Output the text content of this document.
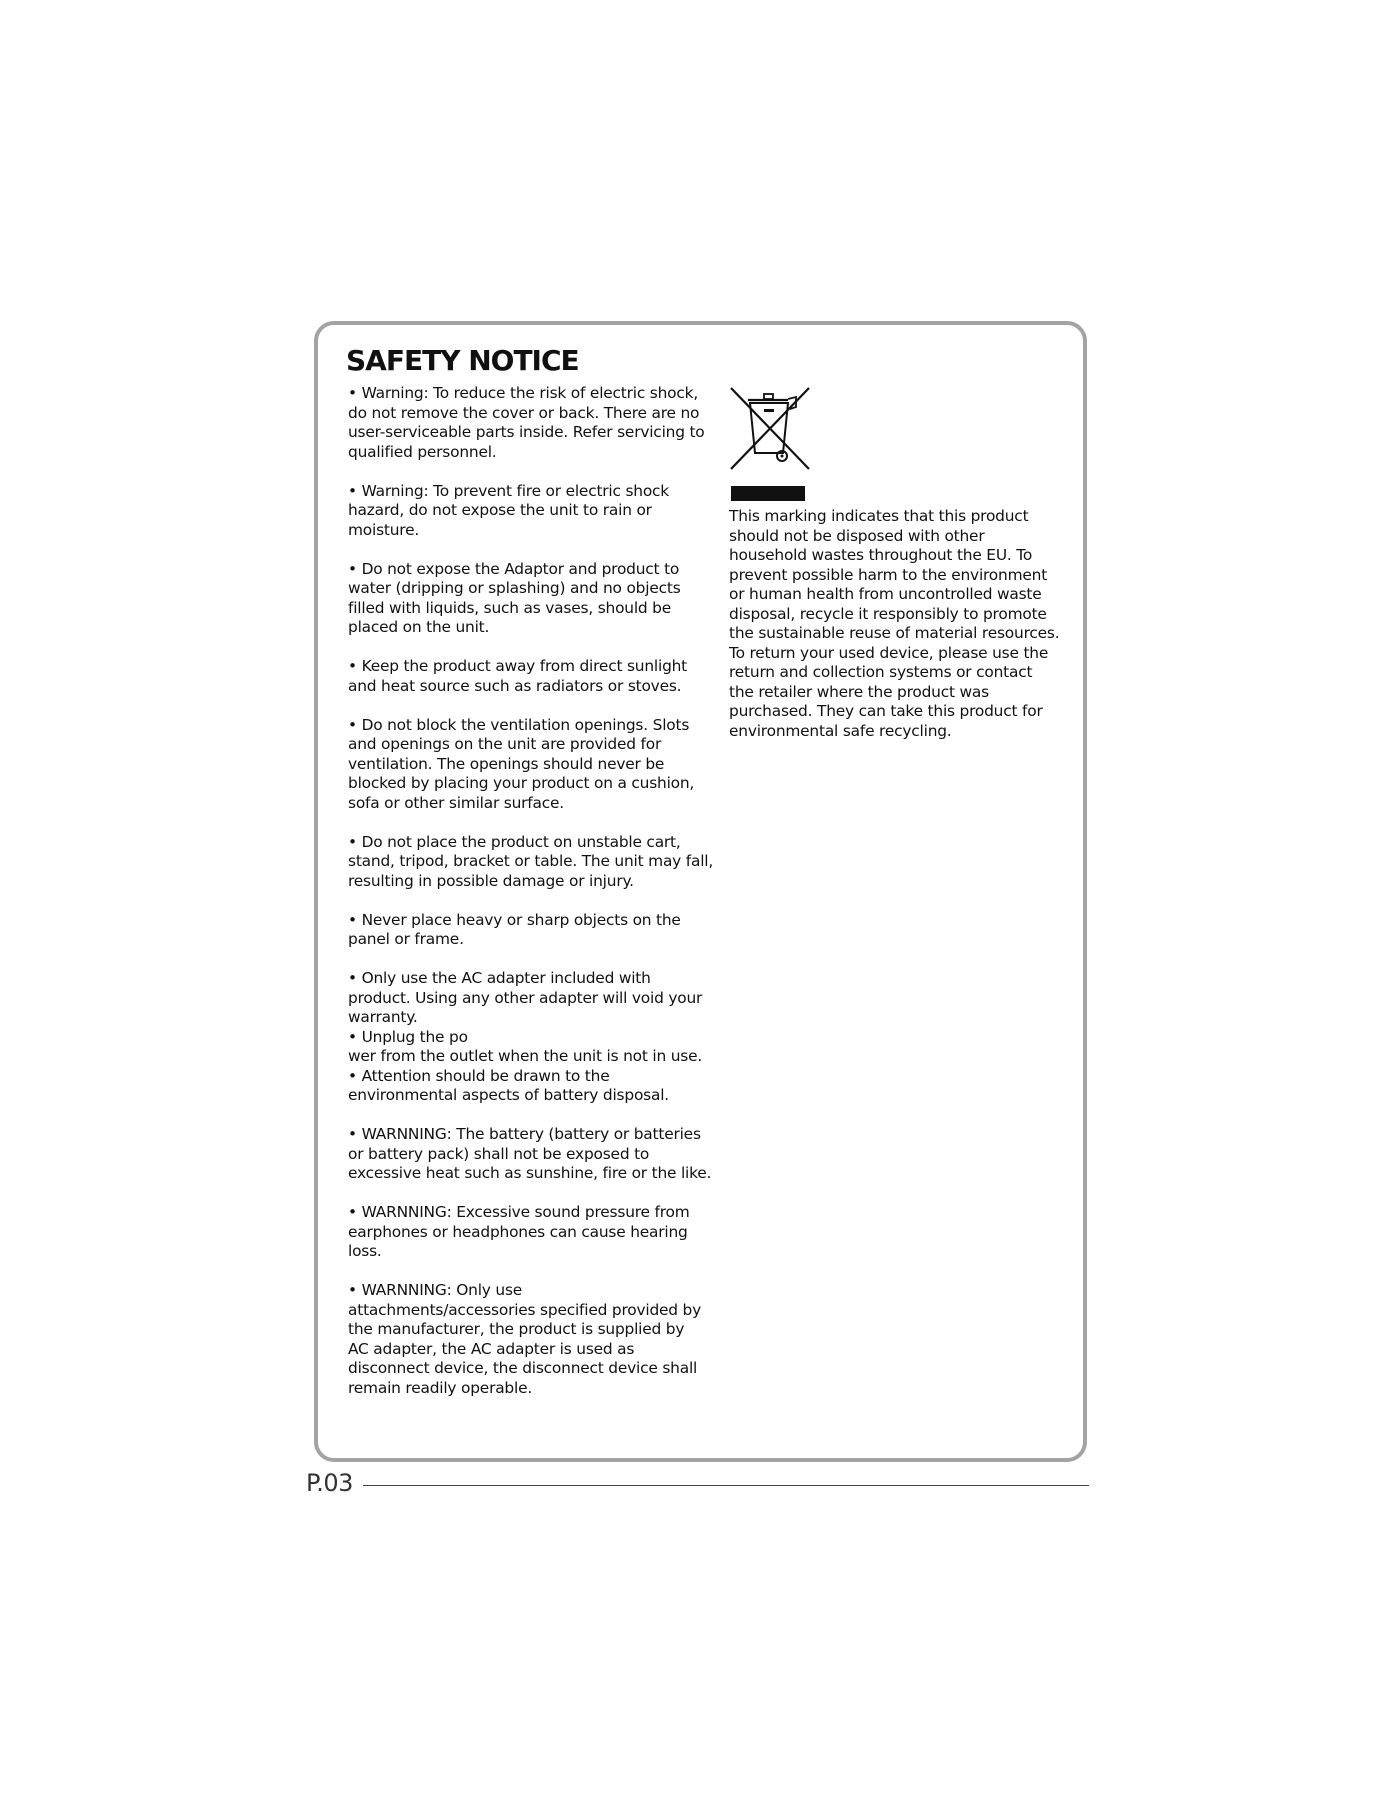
SAFETY NOTICE

• Warning: To reduce the risk of electric shock,
do not remove the cover or back. There are no
user-serviceable parts inside. Refer servicing to
qualified personnel.

• Warning: To prevent fire or electric shock
hazard, do not expose the unit to rain or
moisture.

• Do not expose the Adaptor and product to
water (dripping or splashing) and no objects
filled with liquids, such as vases, should be
placed on the unit.

• Keep the product away from direct sunlight
and heat source such as radiators or stoves.

• Do not block the ventilation openings. Slots
and openings on the unit are provided for
ventilation. The openings should never be
blocked by placing your product on a cushion,
sofa or other similar surface.

• Do not place the product on unstable cart,
stand, tripod, bracket or table. The unit may fall,
resulting in possible damage or injury.

• Never place heavy or sharp objects on the
panel or frame.

• Only use the AC adapter included with
product. Using any other adapter will void your
warranty.

• Unplug the po
wer from the outlet when the unit is not in use.

• Attention should be drawn to the
environmental aspects of battery disposal.

• WARNNING: The battery (battery or batteries
or battery pack) shall not be exposed to
excessive heat such as sunshine, fire or the like.

• WARNNING: Excessive sound pressure from
earphones or headphones can cause hearing
loss.

• WARNNING: Only use
attachments/accessories specified provided by
the manufacturer, the product is supplied by
AC adapter, the AC adapter is used as
disconnect device, the disconnect device shall
remain readily operable.

This marking indicates that this product
should not be disposed with other
household wastes throughout the EU. To
prevent possible harm to the environment
or human health from uncontrolled waste
disposal, recycle it responsibly to promote
the sustainable reuse of material resources.
To return your used device, please use the
return and collection systems or contact
the retailer where the product was
purchased. They can take this product for
environmental safe recycling.

P.03
